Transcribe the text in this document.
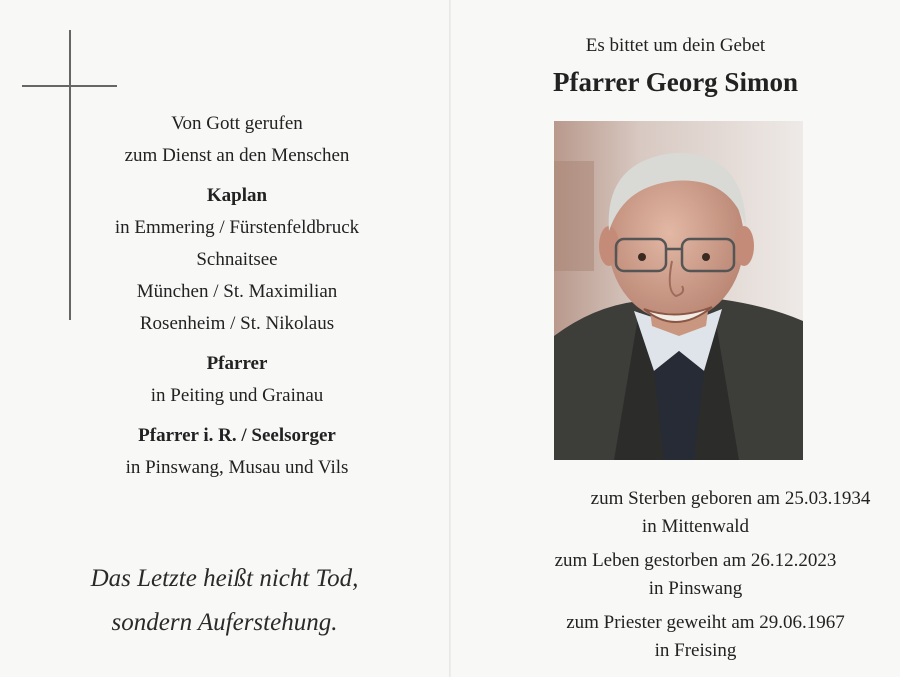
Von Gott gerufen
zum Dienst an den Menschen
Kaplan
in Emmering / Fürstenfeldbruck
Schnaitsee
München / St. Maximilian
Rosenheim / St. Nikolaus
Pfarrer
in Peiting und Grainau
Pfarrer i. R. / Seelsorger
in Pinswang, Musau und Vils
Das Letzte heißt nicht Tod,
sondern Auferstehung.
Es bittet um dein Gebet
Pfarrer Georg Simon
zum Sterben geboren am 25.03.1934
in Mittenwald
zum Leben gestorben am 26.12.2023
in Pinswang
zum Priester geweiht am 29.06.1967
in Freising
